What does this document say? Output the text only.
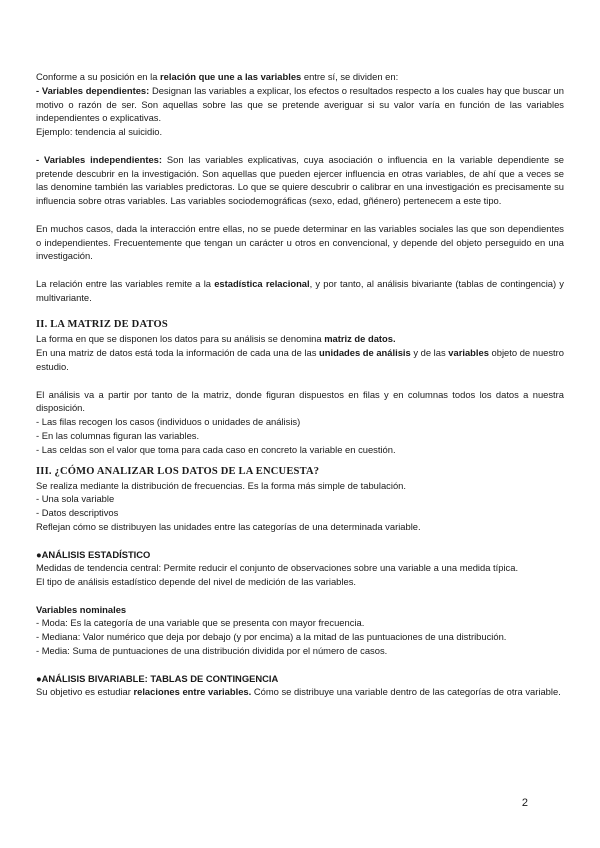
Conforme a su posición en la relación que une a las variables entre sí, se dividen en:

- Variables dependientes: Designan las variables a explicar, los efectos o resultados respecto a los cuales hay que buscar un motivo o razón de ser. Son aquellas sobre las que se pretende averiguar si su valor varía en función de las variables independientes o explicativas.

Ejemplo: tendencia al suicidio.

- Variables independientes: Son las variables explicativas, cuya asociación o influencia en la variable dependiente se pretende descubrir en la investigación. Son aquellas que pueden ejercer influencia en otras variables, de ahí que a veces se las denomine también las variables predictoras. Lo que se quiere descubrir o calibrar en una investigación es precisamente su influencia sobre otras variables. Las variables sociodemográficas (sexo, edad, gñénero) pertenecem a este tipo.

En muchos casos, dada la interacción entre ellas, no se puede determinar en las variables sociales las que son dependientes o independientes. Frecuentemente que tengan un carácter u otros en convencional, y depende del objeto perseguido en una investigación.

La relación entre las variables remite a la estadística relacional, y por tanto, al análisis bivariante (tablas de contingencia) y multivariante.

II. LA MATRIZ DE DATOS

La forma en que se disponen los datos para su análisis se denomina matriz de datos.

En una matriz de datos está toda la información de cada una de las unidades de análisis y de las variables objeto de nuestro estudio.

El análisis va a partir por tanto de la matriz, donde figuran dispuestos en filas y en columnas todos los datos a nuestra disposición.

- Las filas recogen los casos (individuos o unidades de análisis)

- En las columnas figuran las variables.

- Las celdas son el valor que toma para cada caso en concreto la variable en cuestión.

III. ¿CÓMO ANALIZAR LOS DATOS DE LA ENCUESTA?

Se realiza mediante la distribución de frecuencias. Es la forma más simple de tabulación.

- Una sola variable

- Datos descriptivos

Reflejan cómo se distribuyen las unidades entre las categorías de una determinada variable.

●ANÁLISIS ESTADÍSTICO

Medidas de tendencia central: Permite reducir el conjunto de observaciones sobre una variable a una medida típica.

El tipo de análisis estadístico depende del nivel de medición de las variables.

Variables nominales

- Moda: Es la categoría de una variable que se presenta con mayor frecuencia.

- Mediana: Valor numérico que deja por debajo (y por encima) a la mitad de las puntuaciones de una distribución.

- Media: Suma de puntuaciones de una distribución dividida por el número de casos.

●ANÁLISIS BIVARIABLE: TABLAS DE CONTINGENCIA

Su objetivo es estudiar relaciones entre variables. Cómo se distribuye una variable dentro de las categorías de otra variable.

2
